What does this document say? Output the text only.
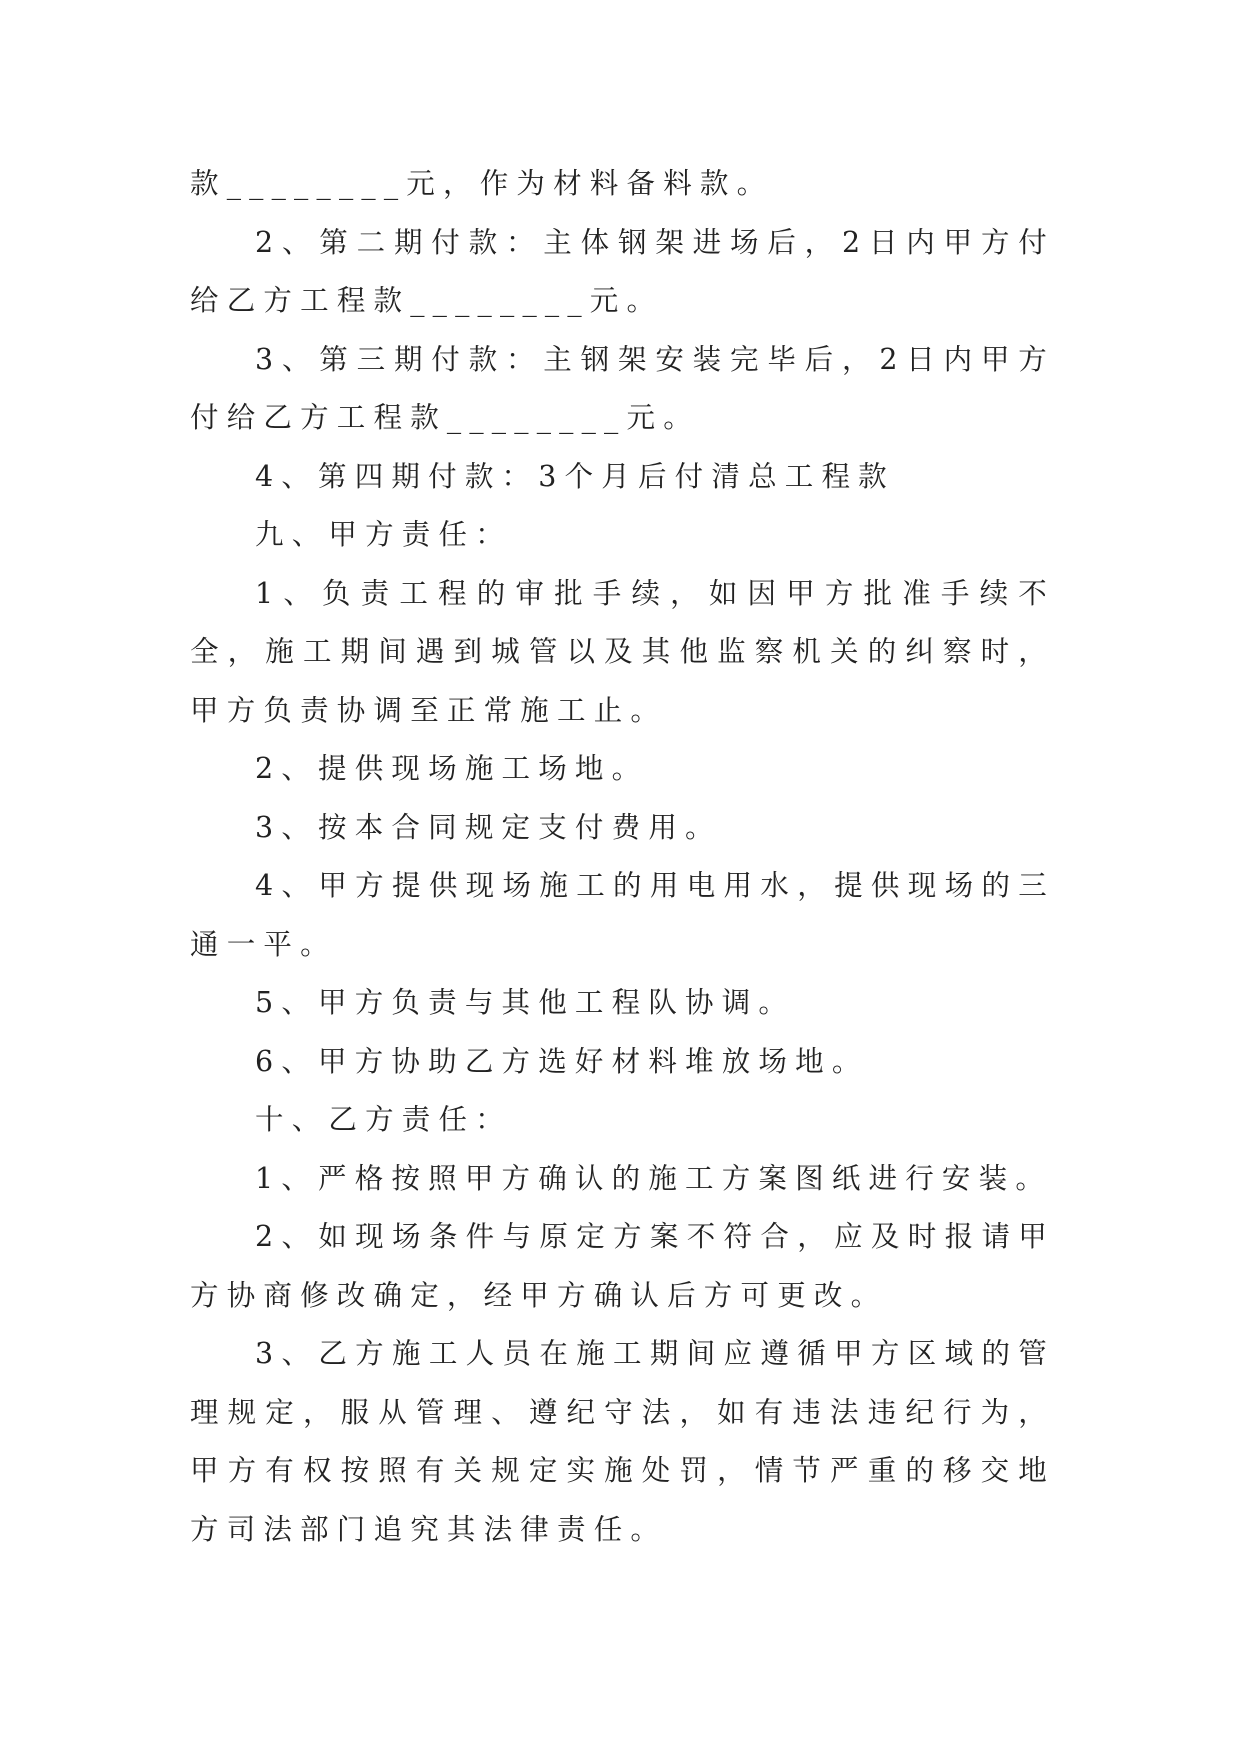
款________元，作为材料备料款。

2、第二期付款：主体钢架进场后，2日内甲方付给乙方工程款________元。

3、第三期付款：主钢架安装完毕后，2日内甲方付给乙方工程款________元。

4、第四期付款：3个月后付清总工程款

九、甲方责任：

1、负责工程的审批手续，如因甲方批准手续不全，施工期间遇到城管以及其他监察机关的纠察时，甲方负责协调至正常施工止。

2、提供现场施工场地。

3、按本合同规定支付费用。

4、甲方提供现场施工的用电用水，提供现场的三通一平。

5、甲方负责与其他工程队协调。

6、甲方协助乙方选好材料堆放场地。

十、乙方责任：

1、严格按照甲方确认的施工方案图纸进行安装。

2、如现场条件与原定方案不符合，应及时报请甲方协商修改确定，经甲方确认后方可更改。

3、乙方施工人员在施工期间应遵循甲方区域的管理规定，服从管理、遵纪守法，如有违法违纪行为，甲方有权按照有关规定实施处罚，情节严重的移交地方司法部门追究其法律责任。
